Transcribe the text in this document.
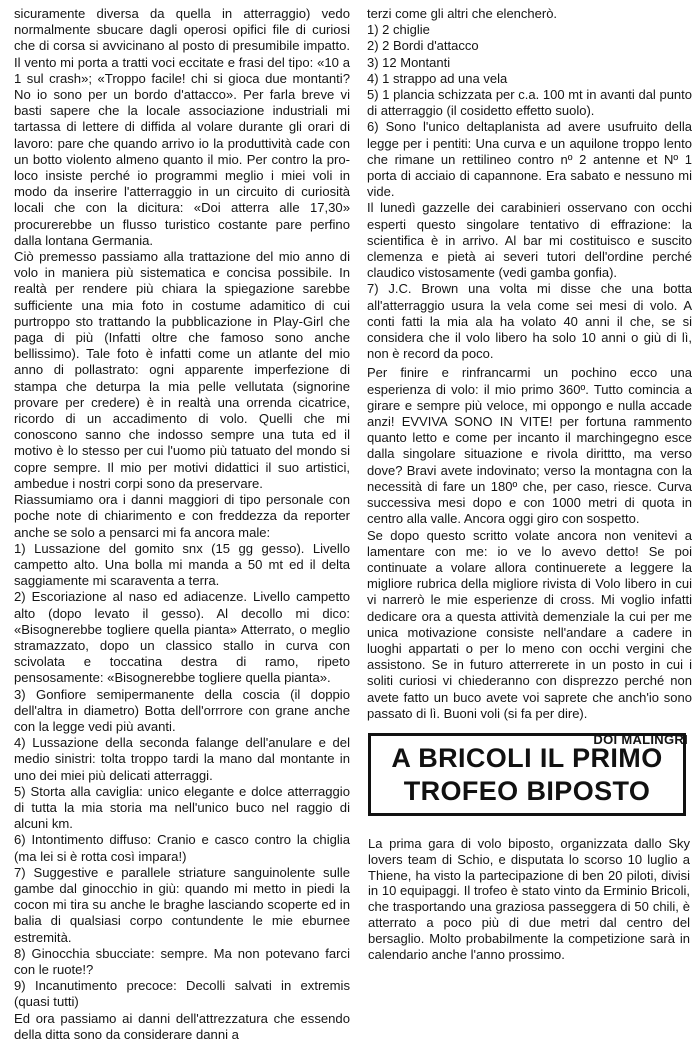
sicuramente diversa da quella in atterraggio) vedo normalmente sbucare dagli operosi opifici file di curiosi che di corsa si avvicinano al posto di presumibile impatto. Il vento mi porta a tratti voci eccitate e frasi del tipo: «10 a 1 sul crash»; «Troppo facile! chi si gioca due montanti? No io sono per un bordo d'attacco». Per farla breve vi basti sapere che la locale associazione industriali mi tartassa di lettere di diffida al volare durante gli orari di lavoro: pare che quando arrivo io la produttività cade con un botto violento almeno quanto il mio. Per contro la pro-loco insiste perché io programmi meglio i miei voli in modo da inserire l'atterraggio in un circuito di curiosità locali che con la dicitura: «Doi atterra alle 17,30» procurerebbe un flusso turistico costante pare perfino dalla lontana Germania.

Ciò premesso passiamo alla trattazione del mio anno di volo in maniera più sistematica e concisa possibile. In realtà per rendere più chiara la spiegazione sarebbe sufficiente una mia foto in costume adamitico di cui purtroppo sto trattando la pubblicazione in Play-Girl che paga di più (Infatti oltre che famoso sono anche bellissimo). Tale foto è infatti come un atlante del mio anno di pollastrato: ogni apparente imperfezione di stampa che deturpa la mia pelle vellutata (signorine provare per credere) è in realtà una orrenda cicatrice, ricordo di un accadimento di volo. Quelli che mi conoscono sanno che indosso sempre una tuta ed il motivo è lo stesso per cui l'uomo più tatuato del mondo si copre sempre. Il mio per motivi didattici il suo artistici, ambedue i nostri corpi sono da preservare.

Riassumiamo ora i danni maggiori di tipo personale con poche note di chiarimento e con freddezza da reporter anche se solo a pensarci mi fa ancora male:

1) Lussazione del gomito snx (15 gg gesso). Livello campetto alto. Una bolla mi manda a 50 mt ed il delta saggiamente mi scaraventa a terra.

2) Escoriazione al naso ed adiacenze. Livello campetto alto (dopo levato il gesso). Al decollo mi dico: «Bisognerebbe togliere quella pianta» Atterrato, o meglio stramazzato, dopo un classico stallo in curva con scivolata e toccatina destra di ramo, ripeto pensosamente: «Bisognerebbe togliere quella pianta».

3) Gonfiore semipermanente della coscia (il doppio dell'altra in diametro) Botta dell'orrrore con grane anche con la legge vedi più avanti.

4) Lussazione della seconda falange dell'anulare e del medio sinistri: tolta troppo tardi la mano dal montante in uno dei miei più delicati atterraggi.

5) Storta alla caviglia: unico elegante e dolce atterraggio di tutta la mia storia ma nell'unico buco nel raggio di alcuni km.

6) Intontimento diffuso: Cranio e casco contro la chiglia (ma lei si è rotta così impara!)

7) Suggestive e parallele striature sanguinolente sulle gambe dal ginocchio in giù: quando mi metto in piedi la cocon mi tira su anche le braghe lasciando scoperte ed in balia di qualsiasi corpo contundente le mie eburnee estremità.

8) Ginocchia sbucciate: sempre. Ma non potevano farci con le ruote!?

9) Incanutimento precoce: Decolli salvati in extremis (quasi tutti)

Ed ora passiamo ai danni dell'attrezzatura che essendo della ditta sono da considerare danni a

terzi come gli altri che elencherò.

1) 2 chiglie

2) 2 Bordi d'attacco

3) 12 Montanti

4) 1 strappo ad una vela

5) 1 plancia schizzata per c.a. 100 mt in avanti dal punto di atterraggio (il cosidetto effetto suolo).

6) Sono l'unico deltaplanista ad avere usufruito della legge per i pentiti: Una curva e un aquilone troppo lento che rimane un rettilineo contro nº 2 antenne et Nº 1 porta di acciaio di capannone. Era sabato e nessuno mi vide.

Il lunedì gazzelle dei carabinieri osservano con occhi esperti questo singolare tentativo di effrazione: la scientifica è in arrivo. Al bar mi costituisco e suscito clemenza e pietà ai severi tutori dell'ordine perché claudico vistosamente (vedi gamba gonfia).

7) J.C. Brown una volta mi disse che una botta all'atterraggio usura la vela come sei mesi di volo. A conti fatti la mia ala ha volato 40 anni il che, se si considera che il volo libero ha solo 10 anni o giù di lì, non è record da poco.

Per finire e rinfrancarmi un pochino ecco una esperienza di volo: il mio primo 360º. Tutto comincia a girare e sempre più veloce, mi oppongo e nulla accade anzi! EVVIVA SONO IN VITE! per fortuna rammento quanto letto e come per incanto il marchingegno esce dalla singolare situazione e rivola dirittto, ma verso dove? Bravi avete indovinato; verso la montagna con la necessità di fare un 180º che, per caso, riesce. Curva successiva mesi dopo e con 1000 metri di quota in centro alla valle. Ancora oggi giro con sospetto.

Se dopo questo scritto volate ancora non venitevi a lamentare con me: io ve lo avevo detto! Se poi continuate a volare allora continuerete a leggere la migliore rubrica della migliore rivista di Volo libero in cui vi narrerò le mie esperienze di cross. Mi voglio infatti dedicare ora a questa attività demenziale la cui per me unica motivazione consiste nell'andare a cadere in luoghi appartati o per lo meno con occhi vergini che assistono. Se in futuro atterrerete in un posto in cui i soliti curiosi vi chiederanno con disprezzo perché non avete fatto un buco avete voi saprete che anch'io sono passato di lì. Buoni voli (si fa per dire).

DOI MALINGRI
A BRICOLI IL PRIMO
TROFEO BIPOSTO

La prima gara di volo biposto, organizzata dallo Sky lovers team di Schio, e disputata lo scorso 10 luglio a Thiene, ha visto la partecipazione di ben 20 piloti, divisi in 10 equipaggi. Il trofeo è stato vinto da Erminio Bricoli, che trasportando una graziosa passeggera di 50 chili, è atterrato a poco più di due metri dal centro del bersaglio. Molto probabilmente la competizione sarà in calendario anche l'anno prossimo.
